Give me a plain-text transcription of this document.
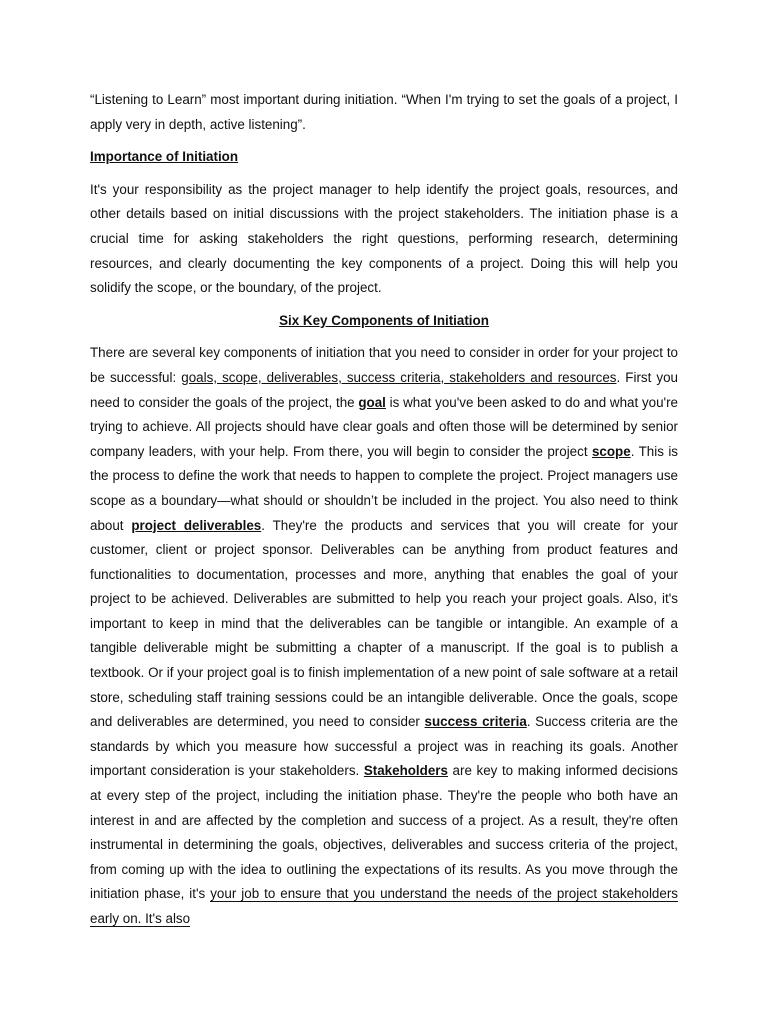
“Listening to Learn” most important during initiation. “When I'm trying to set the goals of a project, I apply very in depth, active listening”.

Importance of Initiation

It's your responsibility as the project manager to help identify the project goals, resources, and other details based on initial discussions with the project stakeholders. The initiation phase is a crucial time for asking stakeholders the right questions, performing research, determining resources, and clearly documenting the key components of a project. Doing this will help you solidify the scope, or the boundary, of the project.

Six Key Components of Initiation

There are several key components of initiation that you need to consider in order for your project to be successful: goals, scope, deliverables, success criteria, stakeholders and resources. First you need to consider the goals of the project, the goal is what you've been asked to do and what you're trying to achieve. All projects should have clear goals and often those will be determined by senior company leaders, with your help. From there, you will begin to consider the project scope. This is the process to define the work that needs to happen to complete the project. Project managers use scope as a boundary—what should or shouldn’t be included in the project. You also need to think about project deliverables. They're the products and services that you will create for your customer, client or project sponsor. Deliverables can be anything from product features and functionalities to documentation, processes and more, anything that enables the goal of your project to be achieved. Deliverables are submitted to help you reach your project goals. Also, it's important to keep in mind that the deliverables can be tangible or intangible. An example of a tangible deliverable might be submitting a chapter of a manuscript. If the goal is to publish a textbook. Or if your project goal is to finish implementation of a new point of sale software at a retail store, scheduling staff training sessions could be an intangible deliverable. Once the goals, scope and deliverables are determined, you need to consider success criteria. Success criteria are the standards by which you measure how successful a project was in reaching its goals. Another important consideration is your stakeholders. Stakeholders are key to making informed decisions at every step of the project, including the initiation phase. They're the people who both have an interest in and are affected by the completion and success of a project. As a result, they're often instrumental in determining the goals, objectives, deliverables and success criteria of the project, from coming up with the idea to outlining the expectations of its results. As you move through the initiation phase, it's your job to ensure that you understand the needs of the project stakeholders early on. It's also
